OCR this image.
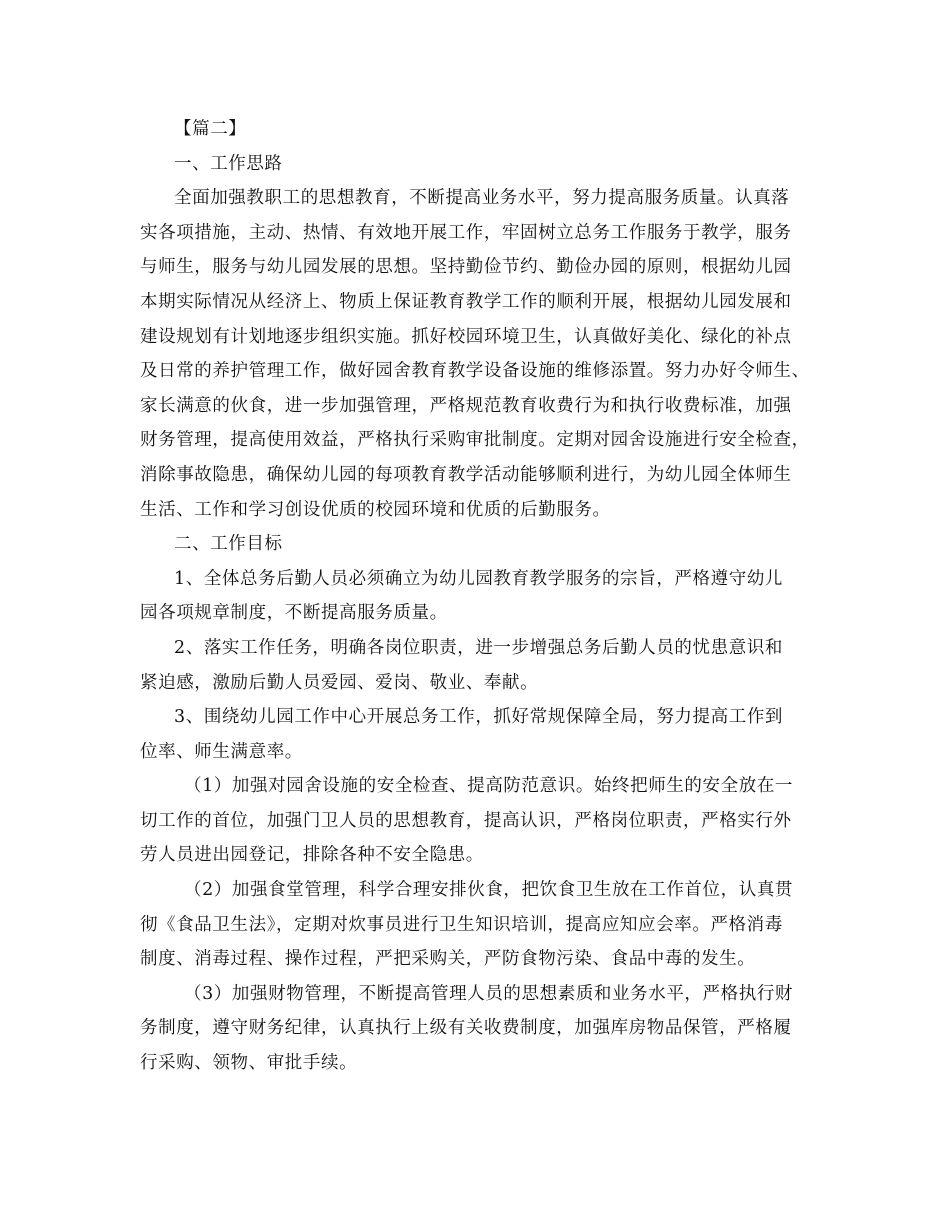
【篇二】
一、工作思路
全面加强教职工的思想教育，不断提高业务水平，努力提高服务质量。认真落
实各项措施，主动、热情、有效地开展工作，牢固树立总务工作服务于教学，服务
与师生，服务与幼儿园发展的思想。坚持勤俭节约、勤俭办园的原则，根据幼儿园
本期实际情况从经济上、物质上保证教育教学工作的顺利开展，根据幼儿园发展和
建设规划有计划地逐步组织实施。抓好校园环境卫生，认真做好美化、绿化的补点
及日常的养护管理工作，做好园舍教育教学设备设施的维修添置。努力办好令师生、
家长满意的伙食，进一步加强管理，严格规范教育收费行为和执行收费标准，加强
财务管理，提高使用效益，严格执行采购审批制度。定期对园舍设施进行安全检查，
消除事故隐患，确保幼儿园的每项教育教学活动能够顺利进行，为幼儿园全体师生
生活、工作和学习创设优质的校园环境和优质的后勤服务。
二、工作目标
1、全体总务后勤人员必须确立为幼儿园教育教学服务的宗旨，严格遵守幼儿
园各项规章制度，不断提高服务质量。
2、落实工作任务，明确各岗位职责，进一步增强总务后勤人员的忧患意识和
紧迫感，激励后勤人员爱园、爱岗、敬业、奉献。
3、围绕幼儿园工作中心开展总务工作，抓好常规保障全局，努力提高工作到
位率、师生满意率。
（1）加强对园舍设施的安全检查、提高防范意识。始终把师生的安全放在一
切工作的首位，加强门卫人员的思想教育，提高认识，严格岗位职责，严格实行外
劳人员进出园登记，排除各种不安全隐患。
（2）加强食堂管理，科学合理安排伙食，把饮食卫生放在工作首位，认真贯
彻《食品卫生法》，定期对炊事员进行卫生知识培训，提高应知应会率。严格消毒
制度、消毒过程、操作过程，严把采购关，严防食物污染、食品中毒的发生。
（3）加强财物管理，不断提高管理人员的思想素质和业务水平，严格执行财
务制度，遵守财务纪律，认真执行上级有关收费制度，加强库房物品保管，严格履
行采购、领物、审批手续。
